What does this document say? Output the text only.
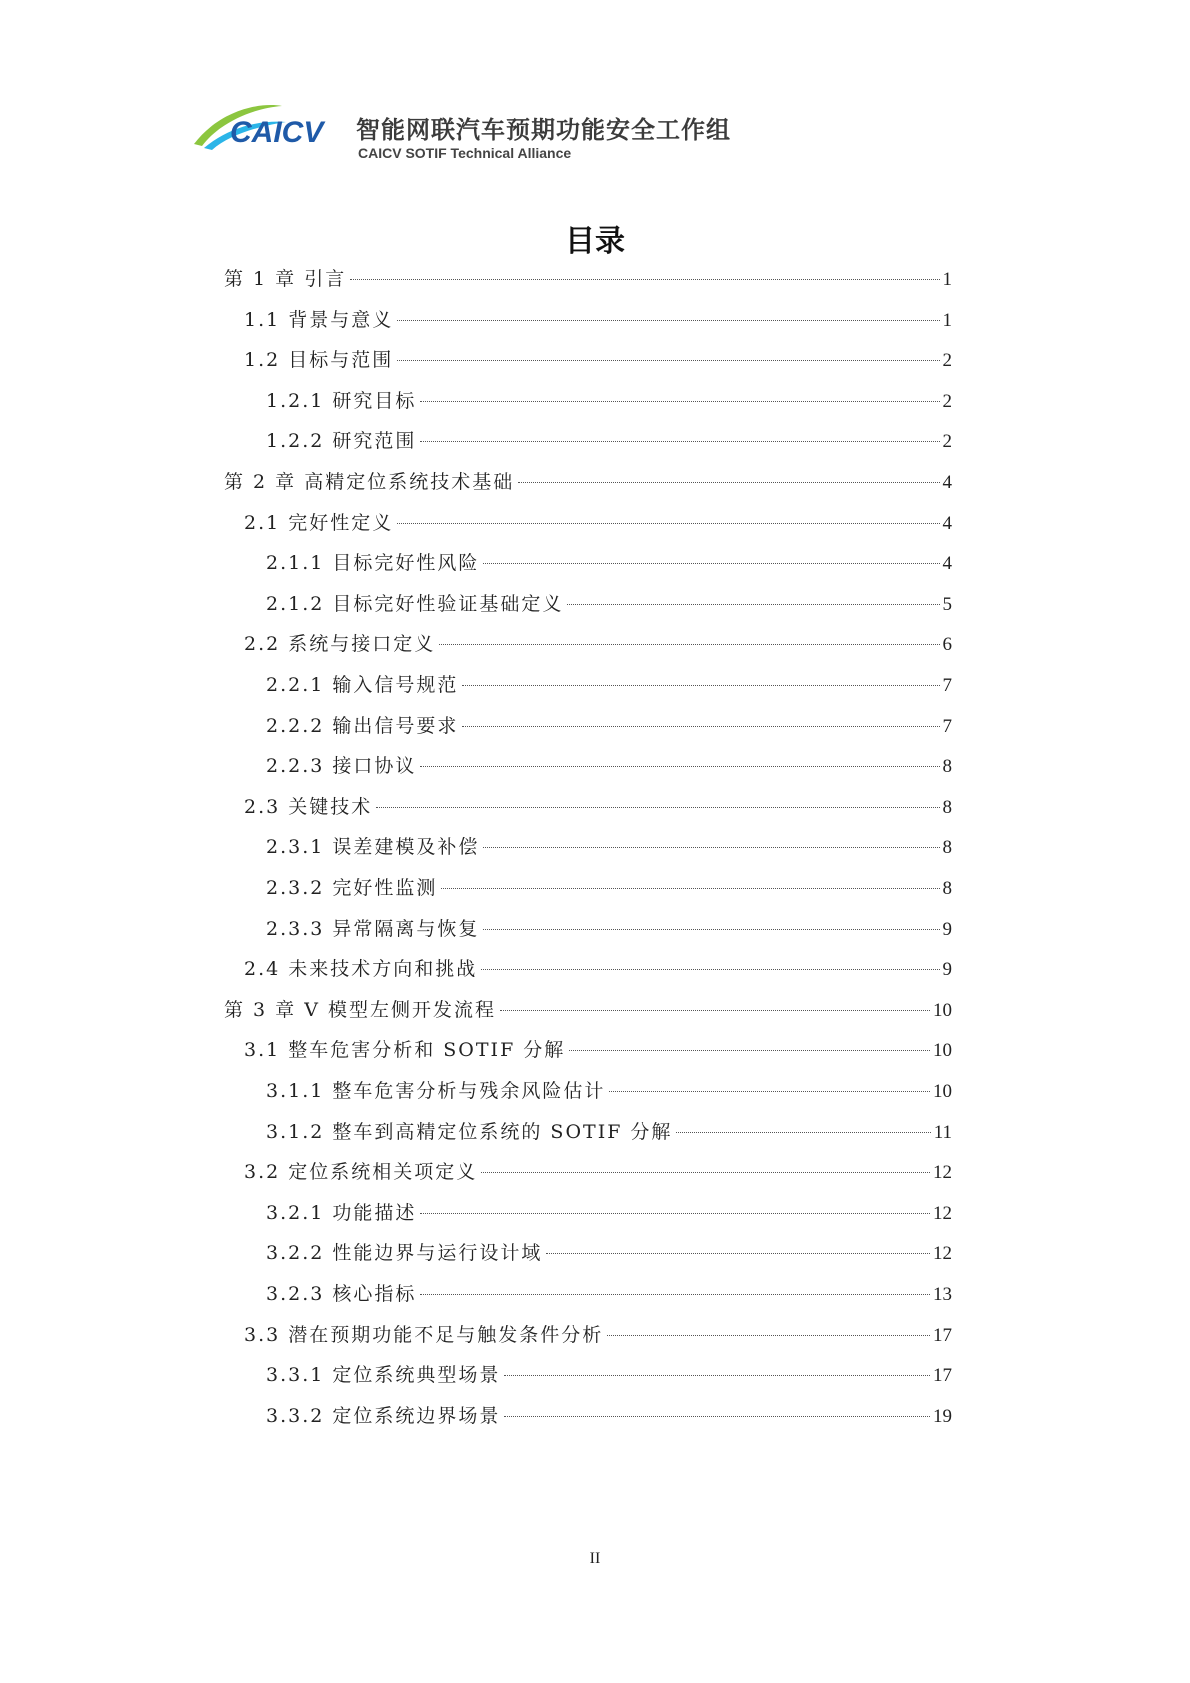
CAICV 智能网联汽车预期功能安全工作组
CAICV SOTIF Technical Alliance
目录
第 1 章 引言	1
1.1 背景与意义	1
1.2 目标与范围	2
1.2.1 研究目标	2
1.2.2 研究范围	2
第 2 章 高精定位系统技术基础	4
2.1 完好性定义	4
2.1.1 目标完好性风险	4
2.1.2 目标完好性验证基础定义	5
2.2 系统与接口定义	6
2.2.1 输入信号规范	7
2.2.2 输出信号要求	7
2.2.3 接口协议	8
2.3 关键技术	8
2.3.1 误差建模及补偿	8
2.3.2 完好性监测	8
2.3.3 异常隔离与恢复	9
2.4 未来技术方向和挑战	9
第 3 章 V 模型左侧开发流程	10
3.1 整车危害分析和 SOTIF 分解	10
3.1.1 整车危害分析与残余风险估计	10
3.1.2 整车到高精定位系统的 SOTIF 分解	11
3.2 定位系统相关项定义	12
3.2.1 功能描述	12
3.2.2 性能边界与运行设计域	12
3.2.3 核心指标	13
3.3 潜在预期功能不足与触发条件分析	17
3.3.1 定位系统典型场景	17
3.3.2 定位系统边界场景	19
II
